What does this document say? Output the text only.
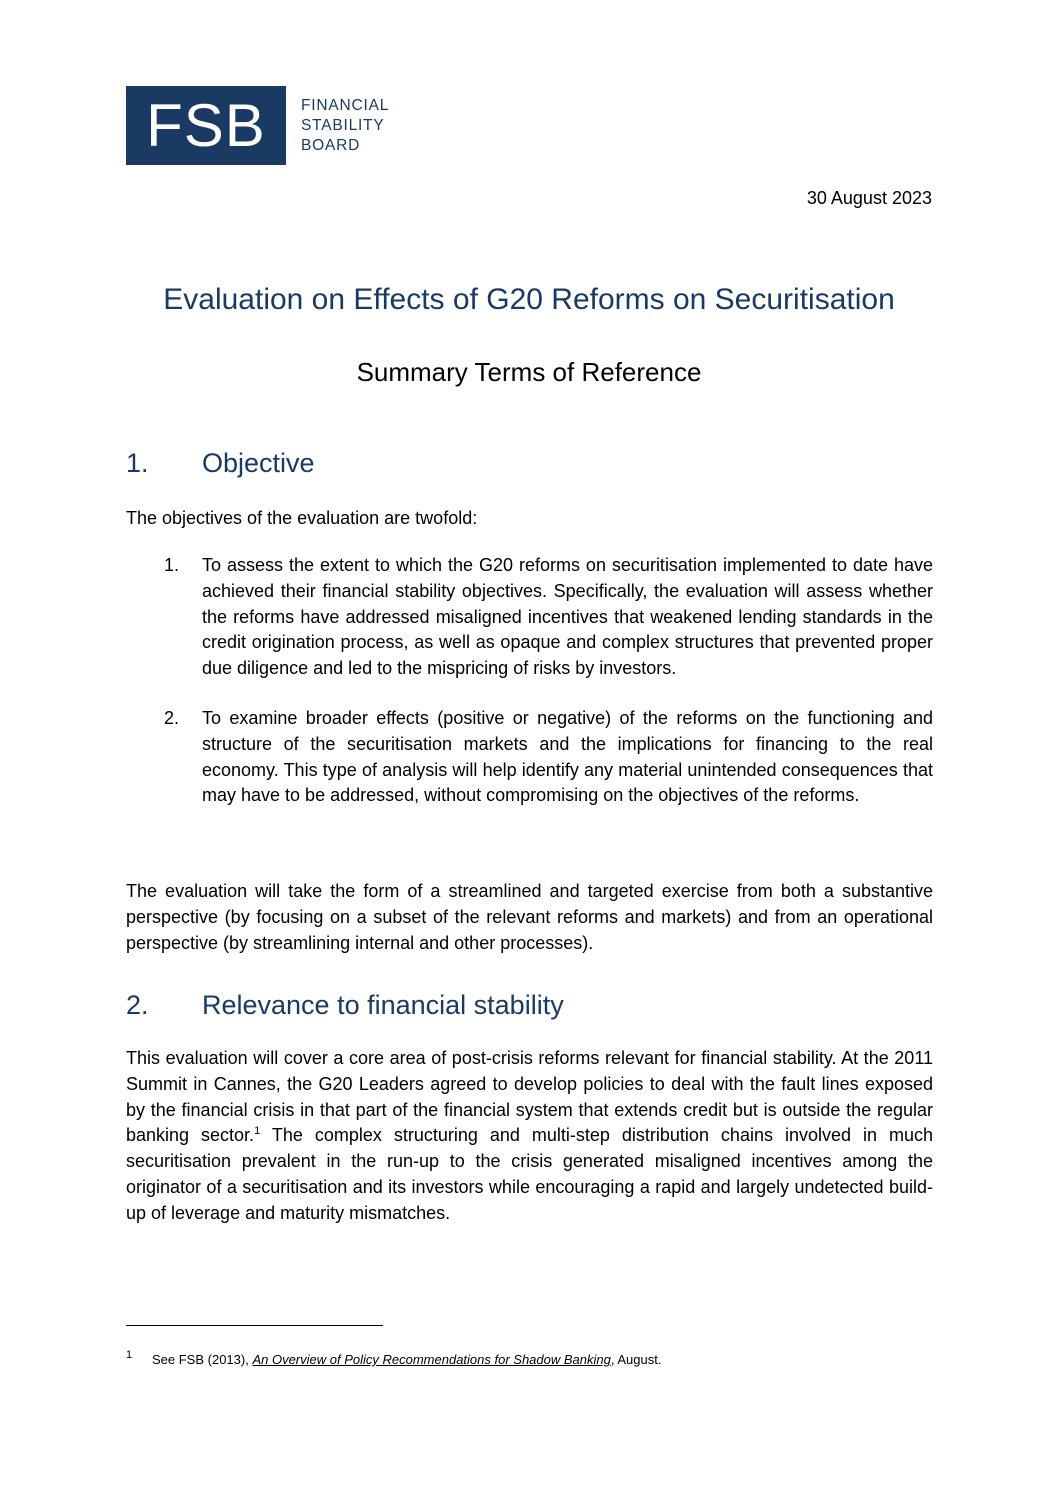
FSB	FINANCIAL
STABILITY
BOARD
30 August 2023
Evaluation on Effects of G20 Reforms on Securitisation
Summary Terms of Reference
1.	Objective

The objectives of the evaluation are twofold:

1.	To assess the extent to which the G20 reforms on securitisation implemented to date have achieved their financial stability objectives. Specifically, the evaluation will assess whether the reforms have addressed misaligned incentives that weakened lending standards in the credit origination process, as well as opaque and complex structures that prevented proper due diligence and led to the mispricing of risks by investors.
2.	To examine broader effects (positive or negative) of the reforms on the functioning and structure of the securitisation markets and the implications for financing to the real economy. This type of analysis will help identify any material unintended consequences that may have to be addressed, without compromising on the objectives of the reforms.

The evaluation will take the form of a streamlined and targeted exercise from both a substantive perspective (by focusing on a subset of the relevant reforms and markets) and from an operational perspective (by streamlining internal and other processes).

2.	Relevance to financial stability

This evaluation will cover a core area of post-crisis reforms relevant for financial stability. At the 2011 Summit in Cannes, the G20 Leaders agreed to develop policies to deal with the fault lines exposed by the financial crisis in that part of the financial system that extends credit but is outside the regular banking sector.$^1$ The complex structuring and multi-step distribution chains involved in much securitisation prevalent in the run-up to the crisis generated misaligned incentives among the originator of a securitisation and its investors while encouraging a rapid and largely undetected build-up of leverage and maturity mismatches.

1	See FSB (2013), An Overview of Policy Recommendations for Shadow Banking, August.
